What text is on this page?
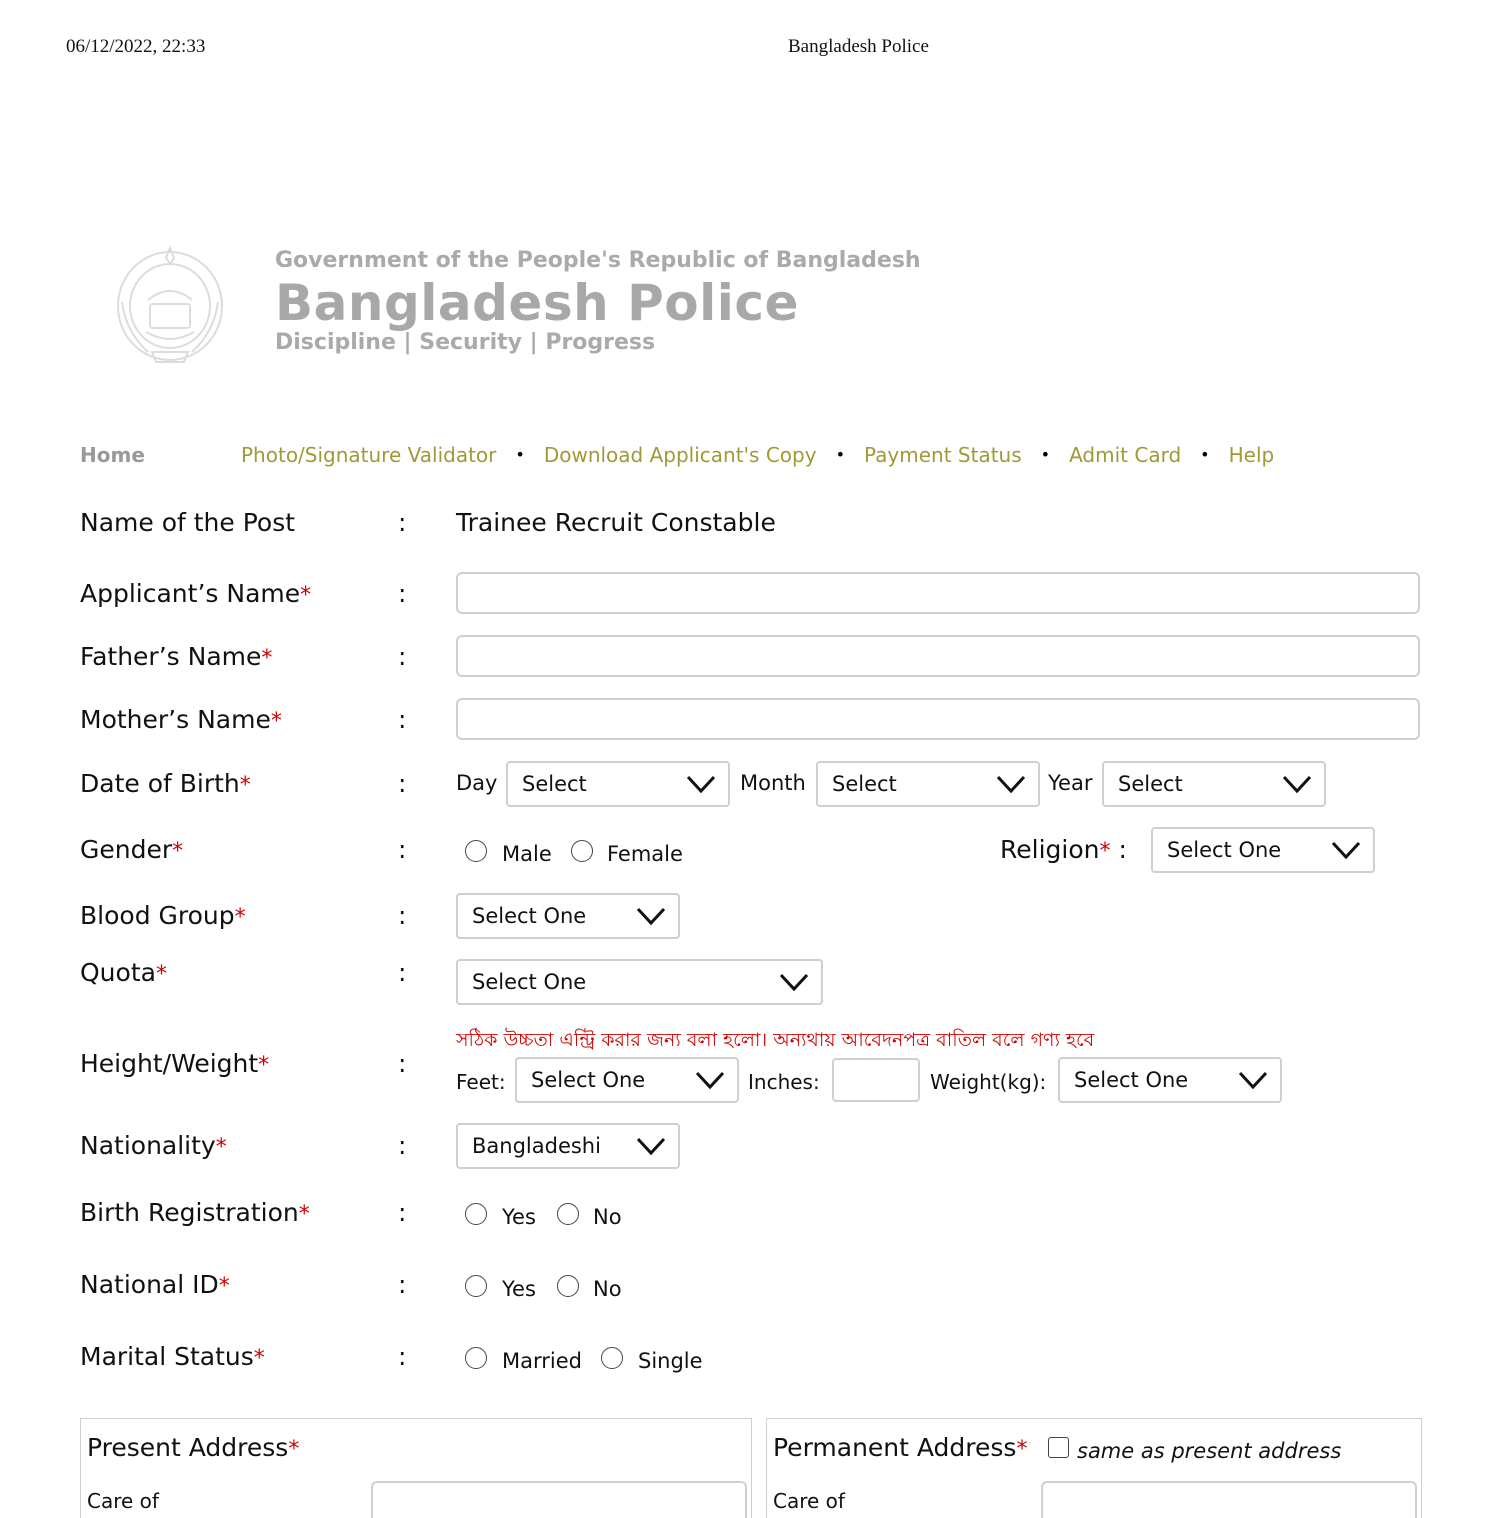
06/12/2022, 22:33	Bangladesh Police
Government of the People's Republic of Bangladesh
Bangladesh Police
Discipline | Security | Progress
Home	Photo/Signature Validator • Download Applicant's Copy • Payment Status • Admit Card • Help
Name of the Post	: Trainee Recruit Constable
Applicant’s Name*	:
Father’s Name*	:
Mother’s Name*	:
Date of Birth*	: Day Select	Month Select	Year Select
Gender*	:	Male	Female	Religion* : Select One
Blood Group*	:	Select One
Quota*	:	Select One
সঠিক উচ্চতা এন্ট্রি করার জন্য বলা হলো। অন্যথায় আবেদনপত্র বাতিল বলে গণ্য হবে
Height/Weight*	:
Feet: Select One	Inches:	Weight(kg): Select One
Nationality*	:	Bangladeshi
Birth Registration*	:	Yes	No
National ID*	:	Yes	No
Marital Status*	:	Married	Single
Present Address*
Care of
Permanent Address* same as present address
Care of
